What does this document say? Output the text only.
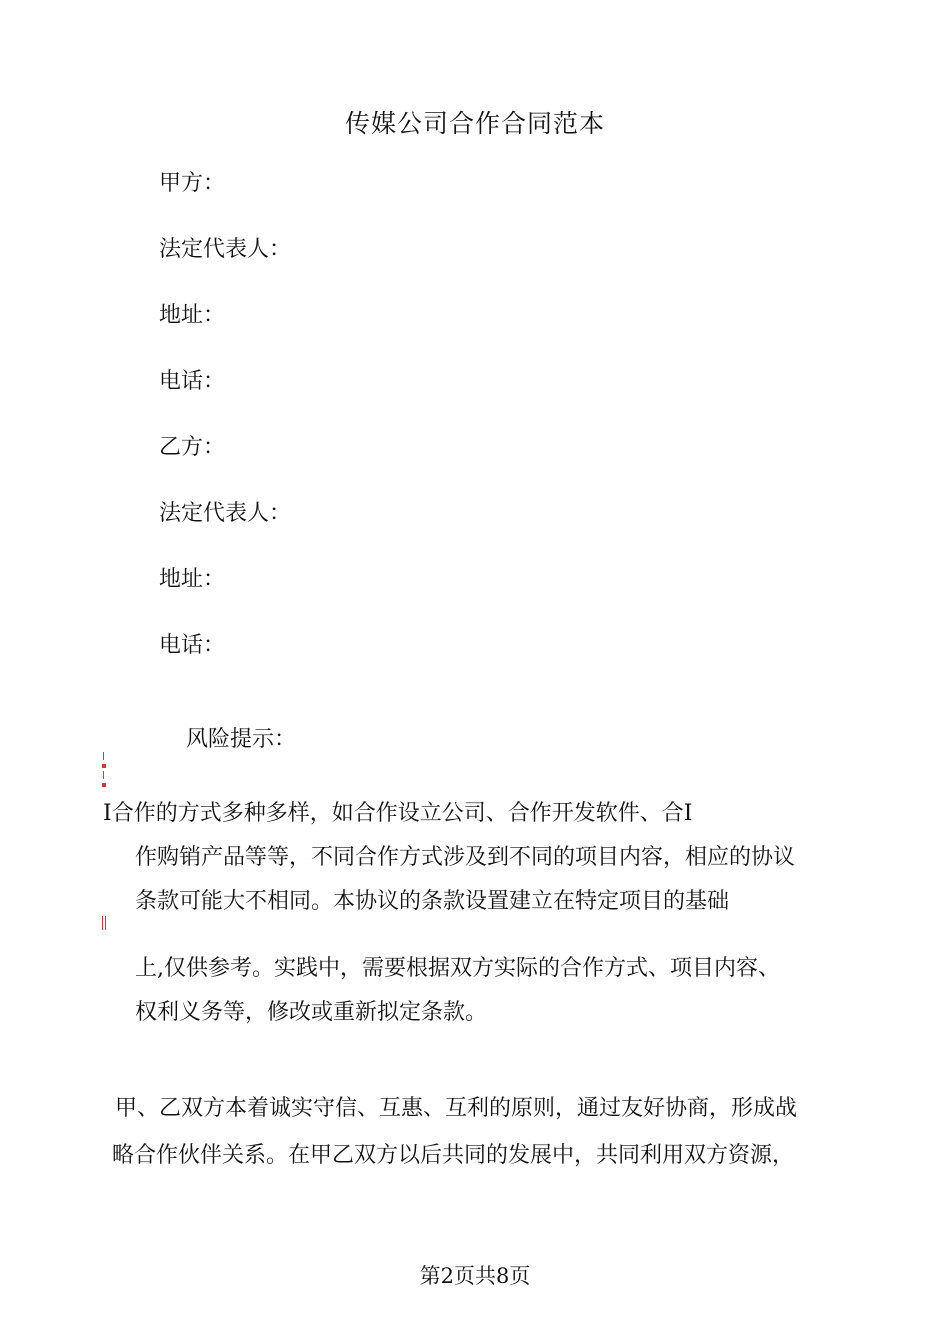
传媒公司合作合同范本
甲方：
法定代表人：
地址：
电话：
乙方：
法定代表人：
地址：
电话：
风险提示：
I合作的方式多种多样，如合作设立公司、合作开发软件、合I
作购销产品等等，不同合作方式涉及到不同的项目内容，相应的协议
条款可能大不相同。本协议的条款设置建立在特定项目的基础
上,仅供参考。实践中，需要根据双方实际的合作方式、项目内容、
权利义务等，修改或重新拟定条款。
甲、乙双方本着诚实守信、互惠、互利的原则，通过友好协商，形成战
略合作伙伴关系。在甲乙双方以后共同的发展中，共同利用双方资源，
第2页共8页
